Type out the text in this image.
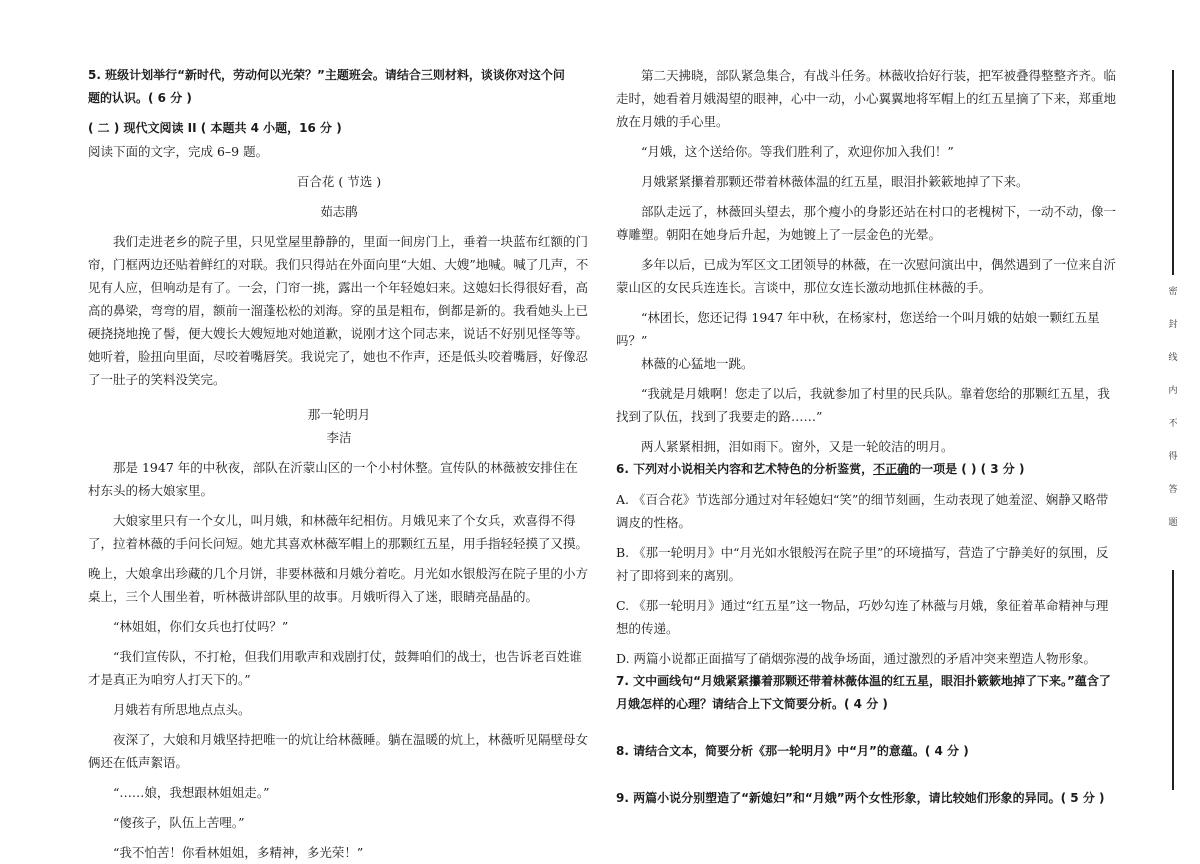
5. 班级计划举行“新时代，劳动何以光荣？”主题班会。请结合三则材料，谈谈你对这个问

题的认识。( 6 分 )

( 二 ) 现代文阅读 II ( 本题共 4 小题，16 分 )

阅读下面的文字，完成 6–9 题。

百合花 ( 节选 )

茹志鹃

我们走进老乡的院子里，只见堂屋里静静的，里面一间房门上，垂着一块蓝布红额的门帘，门框两边还贴着鲜红的对联。我们只得站在外面向里“大姐、大嫂”地喊。喊了几声，不见有人应，但响动是有了。一会，门帘一挑，露出一个年轻媳妇来。这媳妇长得很好看，高高的鼻梁，弯弯的眉，额前一溜蓬松松的刘海。穿的虽是粗布，倒都是新的。我看她头上已硬挠挠地挽了髻，便大嫂长大嫂短地对她道歉，说刚才这个同志来，说话不好别见怪等等。她听着，脸扭向里面，尽咬着嘴唇笑。我说完了，她也不作声，还是低头咬着嘴唇，好像忍了一肚子的笑料没笑完。

那一轮明月

李洁

那是 1947 年的中秋夜，部队在沂蒙山区的一个小村休整。宣传队的林薇被安排住在村东头的杨大娘家里。

大娘家里只有一个女儿，叫月娥，和林薇年纪相仿。月娥见来了个女兵，欢喜得不得了，拉着林薇的手问长问短。她尤其喜欢林薇军帽上的那颗红五星，用手指轻轻摸了又摸。

晚上，大娘拿出珍藏的几个月饼，非要林薇和月娥分着吃。月光如水银般泻在院子里的小方桌上，三个人围坐着，听林薇讲部队里的故事。月娥听得入了迷，眼睛亮晶晶的。

“林姐姐，你们女兵也打仗吗？”

“我们宣传队，不打枪，但我们用歌声和戏剧打仗，鼓舞咱们的战士，也告诉老百姓谁才是真正为咱穷人打天下的。”

月娥若有所思地点点头。

夜深了，大娘和月娥坚持把唯一的炕让给林薇睡。躺在温暖的炕上，林薇听见隔壁母女俩还在低声絮语。

“……娘，我想跟林姐姐走。”

“傻孩子，队伍上苦哩。”

“我不怕苦！你看林姐姐，多精神，多光荣！”

第二天拂晓，部队紧急集合，有战斗任务。林薇收拾好行装，把军被叠得整整齐齐。临走时，她看着月娥渴望的眼神，心中一动，小心翼翼地将军帽上的红五星摘了下来，郑重地放在月娥的手心里。

“月娥，这个送给你。等我们胜利了，欢迎你加入我们！”

月娥紧紧攥着那颗还带着林薇体温的红五星，眼泪扑簌簌地掉了下来。

部队走远了，林薇回头望去，那个瘦小的身影还站在村口的老槐树下，一动不动，像一尊雕塑。朝阳在她身后升起，为她镀上了一层金色的光晕。

多年以后，已成为军区文工团领导的林薇，在一次慰问演出中，偶然遇到了一位来自沂蒙山区的女民兵连连长。言谈中，那位女连长激动地抓住林薇的手。

“林团长，您还记得 1947 年中秋，在杨家村，您送给一个叫月娥的姑娘一颗红五星吗？”

林薇的心猛地一跳。

“我就是月娥啊！您走了以后，我就参加了村里的民兵队。靠着您给的那颗红五星，我找到了队伍，找到了我要走的路……”

两人紧紧相拥，泪如雨下。窗外，又是一轮皎洁的明月。

6. 下列对小说相关内容和艺术特色的分析鉴赏，不正确的一项是 ( ) ( 3 分 )

A. 《百合花》节选部分通过对年轻媳妇“笑”的细节刻画，生动表现了她羞涩、娴静又略带调皮的性格。

B. 《那一轮明月》中“月光如水银般泻在院子里”的环境描写，营造了宁静美好的氛围，反衬了即将到来的离别。

C. 《那一轮明月》通过“红五星”这一物品，巧妙勾连了林薇与月娥，象征着革命精神与理想的传递。

D. 两篇小说都正面描写了硝烟弥漫的战争场面，通过激烈的矛盾冲突来塑造人物形象。

7. 文中画线句“月娥紧紧攥着那颗还带着林薇体温的红五星，眼泪扑簌簌地掉了下来。”蕴含了月娥怎样的心理？请结合上下文简要分析。( 4 分 )

8. 请结合文本，简要分析《那一轮明月》中“月”的意蕴。( 4 分 )

9. 两篇小说分别塑造了“新媳妇”和“月娥”两个女性形象，请比较她们形象的异同。( 5 分 )

密
封
线
内
不
得
答
题
